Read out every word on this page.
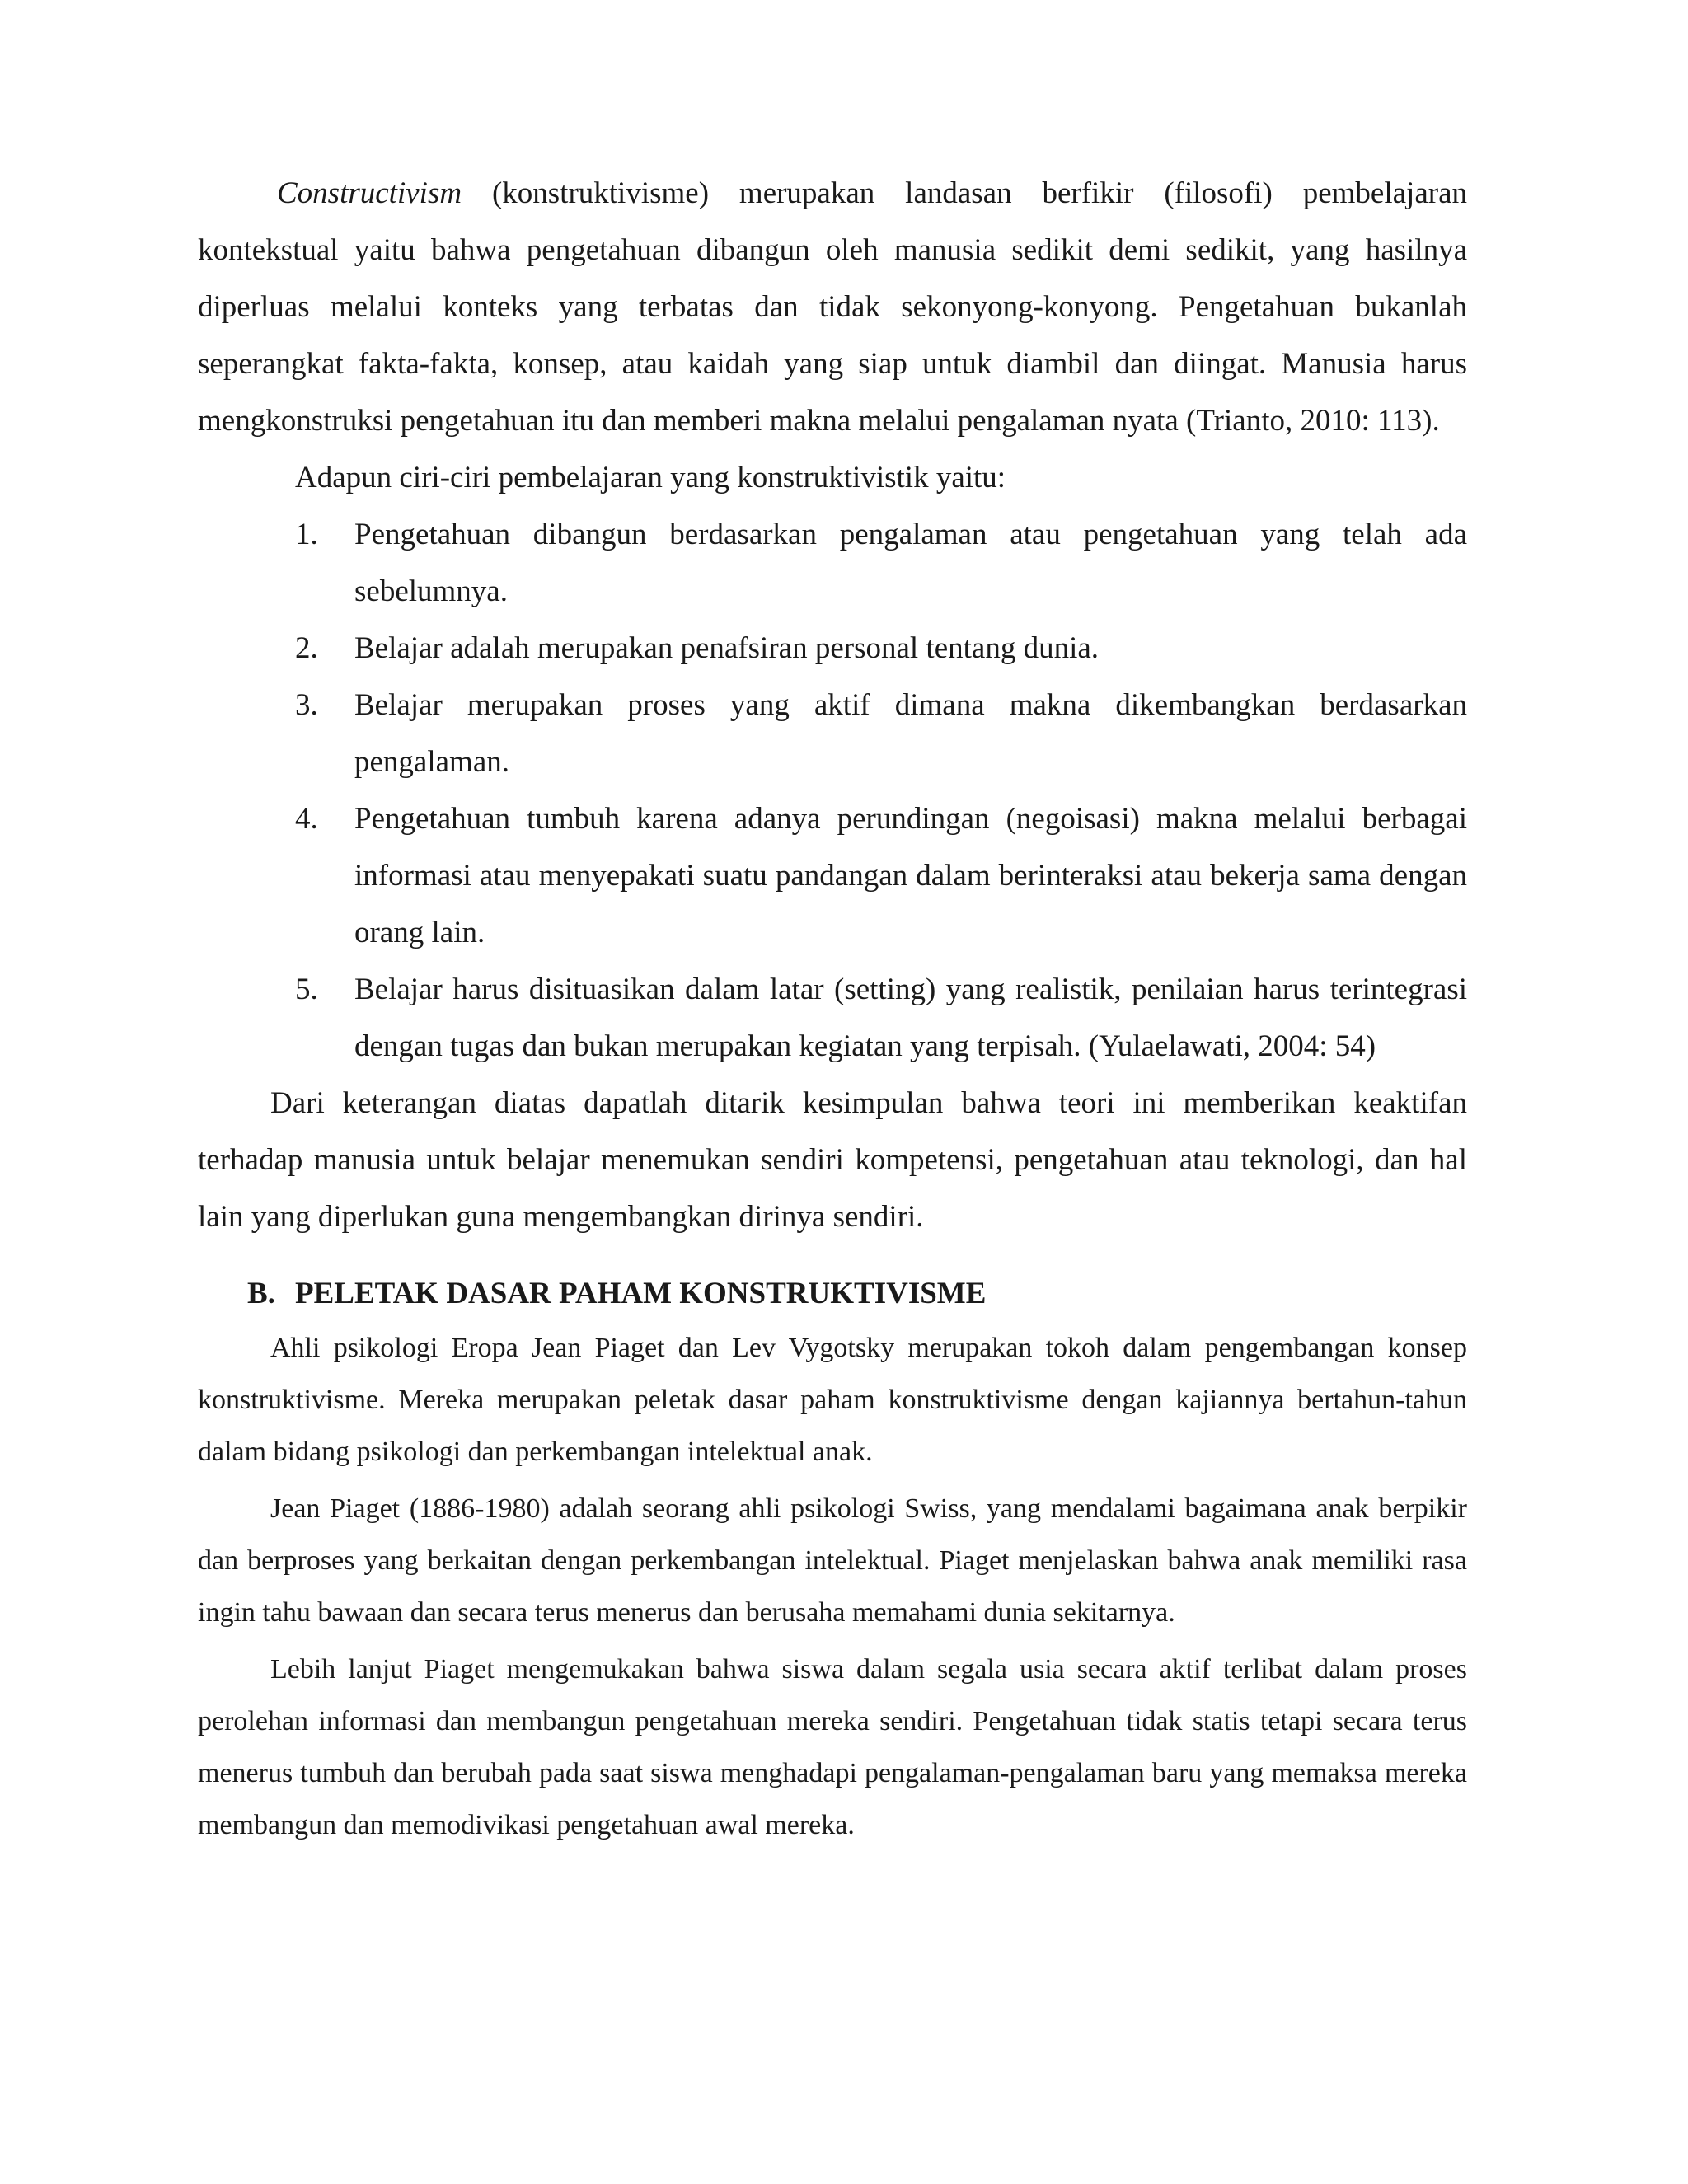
Constructivism (konstruktivisme) merupakan landasan berfikir (filosofi) pembelajaran kontekstual yaitu bahwa pengetahuan dibangun oleh manusia sedikit demi sedikit, yang hasilnya diperluas melalui konteks yang terbatas dan tidak sekonyong-konyong. Pengetahuan bukanlah seperangkat fakta-fakta, konsep, atau kaidah yang siap untuk diambil dan diingat. Manusia harus mengkonstruksi pengetahuan itu dan memberi makna melalui pengalaman nyata (Trianto, 2010: 113).

Adapun ciri-ciri pembelajaran yang konstruktivistik yaitu:

1. Pengetahuan dibangun berdasarkan pengalaman atau pengetahuan yang telah ada sebelumnya.
2. Belajar adalah merupakan penafsiran personal tentang dunia.
3. Belajar merupakan proses yang aktif dimana makna dikembangkan berdasarkan pengalaman.
4. Pengetahuan tumbuh karena adanya perundingan (negoisasi) makna melalui berbagai informasi atau menyepakati suatu pandangan dalam berinteraksi atau bekerja sama dengan orang lain.
5. Belajar harus disituasikan dalam latar (setting) yang realistik, penilaian harus terintegrasi dengan tugas dan bukan merupakan kegiatan yang terpisah. (Yulaelawati, 2004: 54)

Dari keterangan diatas dapatlah ditarik kesimpulan bahwa teori ini memberikan keaktifan terhadap manusia untuk belajar menemukan sendiri kompetensi, pengetahuan atau teknologi, dan hal lain yang diperlukan guna mengembangkan dirinya sendiri.

B. PELETAK DASAR PAHAM KONSTRUKTIVISME

Ahli psikologi Eropa Jean Piaget dan Lev Vygotsky merupakan tokoh dalam pengembangan konsep konstruktivisme. Mereka merupakan peletak dasar paham konstruktivisme dengan kajiannya bertahun-tahun dalam bidang psikologi dan perkembangan intelektual anak.

Jean Piaget (1886-1980) adalah seorang ahli psikologi Swiss, yang mendalami bagaimana anak berpikir dan berproses yang berkaitan dengan perkembangan intelektual. Piaget menjelaskan bahwa anak memiliki rasa ingin tahu bawaan dan secara terus menerus dan berusaha memahami dunia sekitarnya.

Lebih lanjut Piaget mengemukakan bahwa siswa dalam segala usia secara aktif terlibat dalam proses perolehan informasi dan membangun pengetahuan mereka sendiri. Pengetahuan tidak statis tetapi secara terus menerus tumbuh dan berubah pada saat siswa menghadapi pengalaman-pengalaman baru yang memaksa mereka membangun dan memodivikasi pengetahuan awal mereka.
